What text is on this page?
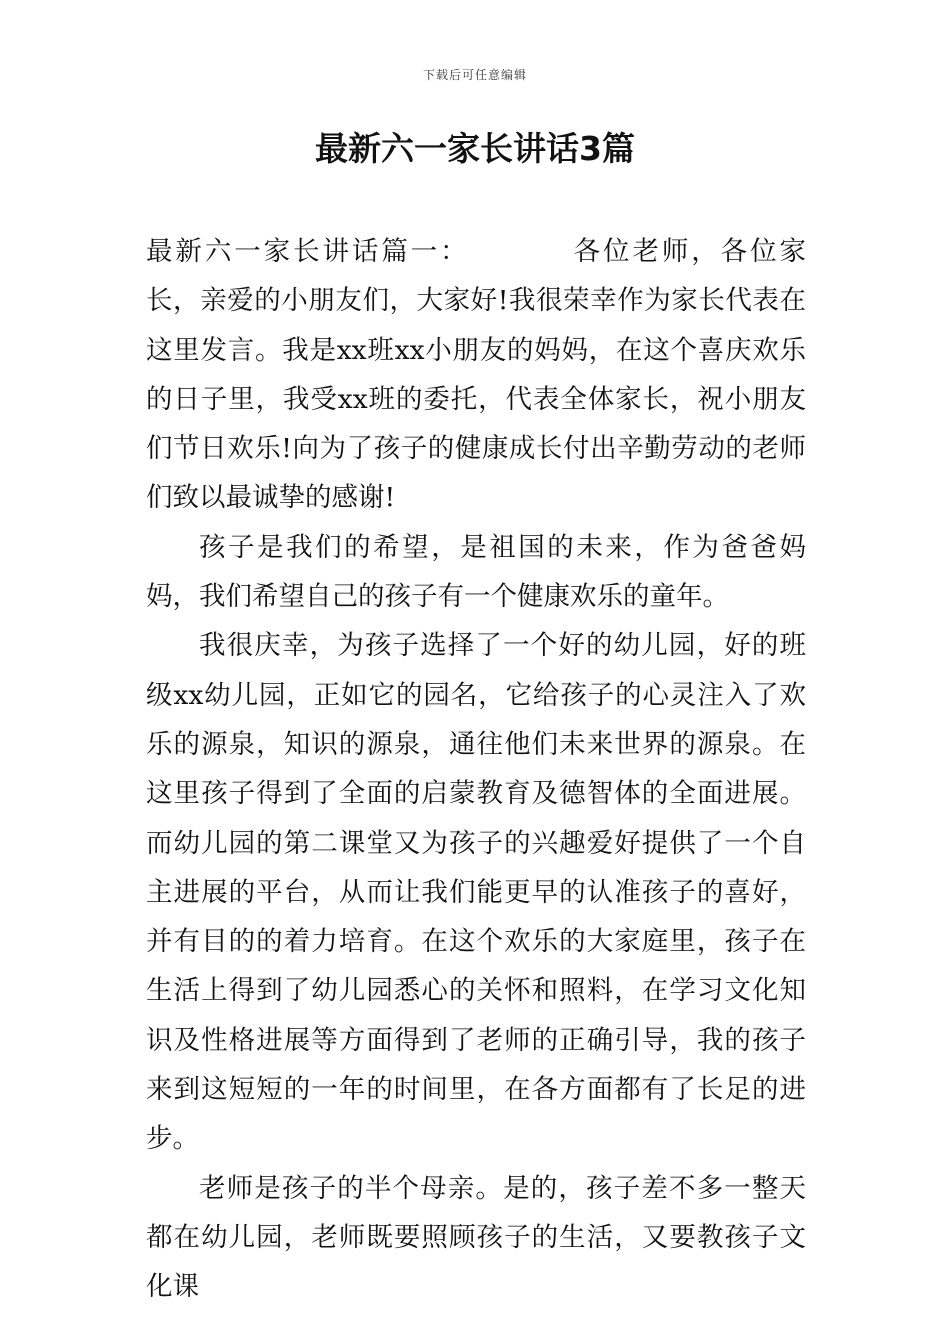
下载后可任意编辑
最新六一家长讲话3篇

最新六一家长讲话篇一：	各位老师，各位家长，亲爱的小朋友们，大家好!我很荣幸作为家长代表在这里发言。我是xx班xx小朋友的妈妈，在这个喜庆欢乐的日子里，我受xx班的委托，代表全体家长，祝小朋友们节日欢乐!向为了孩子的健康成长付出辛勤劳动的老师们致以最诚挚的感谢!

孩子是我们的希望，是祖国的未来，作为爸爸妈妈，我们希望自己的孩子有一个健康欢乐的童年。

我很庆幸，为孩子选择了一个好的幼儿园，好的班级xx幼儿园，正如它的园名，它给孩子的心灵注入了欢乐的源泉，知识的源泉，通往他们未来世界的源泉。在这里孩子得到了全面的启蒙教育及德智体的全面进展。而幼儿园的第二课堂又为孩子的兴趣爱好提供了一个自主进展的平台，从而让我们能更早的认准孩子的喜好，并有目的的着力培育。在这个欢乐的大家庭里，孩子在生活上得到了幼儿园悉心的关怀和照料，在学习文化知识及性格进展等方面得到了老师的正确引导，我的孩子来到这短短的一年的时间里，在各方面都有了长足的进步。

老师是孩子的半个母亲。是的，孩子差不多一整天都在幼儿园，老师既要照顾孩子的生活，又要教孩子文化课
